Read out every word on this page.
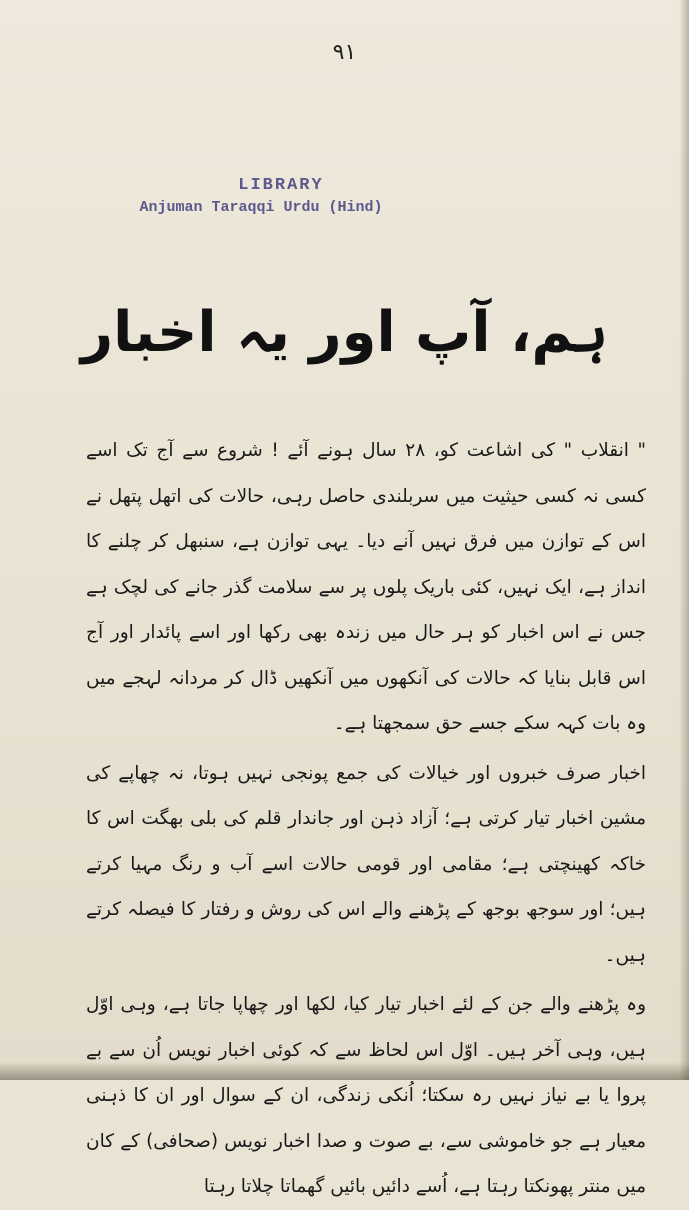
۹۱
LIBRARY
Anjuman Taraqqi Urdu (Hind)
ہم، آپ اور یہ اخبار

" انقلاب " کی اشاعت کو، ۲۸ سال ہونے آئے ! شروع سے آج تک اسے کسی نہ کسی حیثیت میں سربلندی حاصل رہی، حالات کی اتھل پتھل نے اس کے توازن میں فرق نہیں آنے دیا۔ یہی توازن ہے، سنبھل کر چلنے کا انداز ہے، ایک نہیں، کئی باریک پلوں پر سے سلامت گذر جانے کی لچک ہے جس نے اس اخبار کو ہر حال میں زندہ بھی رکھا اور اسے پائدار اور آج اس قابل بنایا کہ حالات کی آنکھوں میں آنکھیں ڈال کر مردانہ لہجے میں وہ بات کہہ سکے جسے حق سمجھتا ہے۔

اخبار صرف خبروں اور خیالات کی جمع پونجی نہیں ہوتا، نہ چھاپے کی مشین اخبار تیار کرتی ہے؛ آزاد ذہن اور جاندار قلم کی بلی بھگت اس کا خاکہ کھینچتی ہے؛ مقامی اور قومی حالات اسے آب و رنگ مہیا کرتے ہیں؛ اور سوجھ بوجھ کے پڑھنے والے اس کی روش و رفتار کا فیصلہ کرتے ہیں۔

وہ پڑھنے والے جن کے لئے اخبار تیار کیا، لکھا اور چھاپا جاتا ہے، وہی اوّل ہیں، وہی آخر ہیں۔ اوّل اس لحاظ سے کہ کوئی اخبار نویس اُن سے بے پروا یا بے نیاز نہیں رہ سکتا؛ اُنکی زندگی، ان کے سوال اور ان کا ذہنی معیار ہے جو خاموشی سے، بے صوت و صدا اخبار نویس (صحافی) کے کان میں منتر پھونکتا رہتا ہے، اُسے دائیں بائیں گھماتا چلاتا رہتا
